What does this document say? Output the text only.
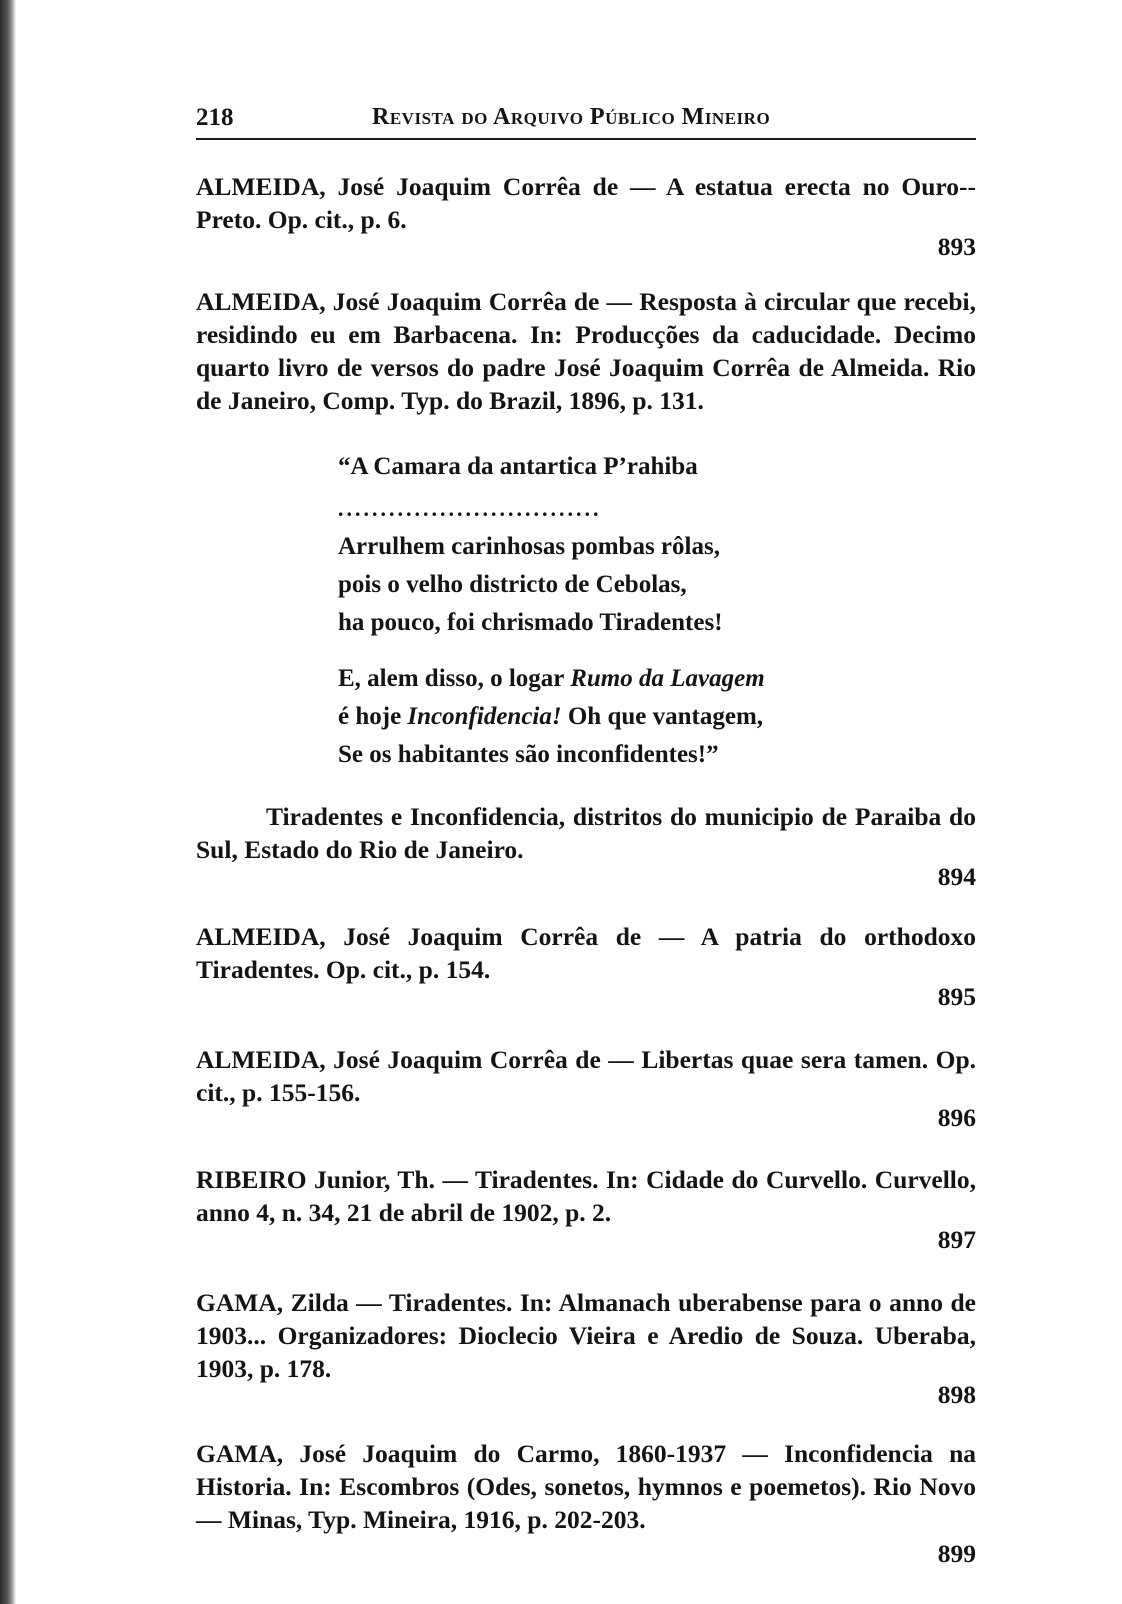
218	Revista do Arquivo Público Mineiro

ALMEIDA, José Joaquim Corrêa de — A estatua erecta no Ouro--Preto. Op. cit., p. 6.

893

ALMEIDA, José Joaquim Corrêa de — Resposta à circular que recebi, residindo eu em Barbacena. In: Producções da caducidade. Decimo quarto livro de versos do padre José Joaquim Corrêa de Almeida. Rio de Janeiro, Comp. Typ. do Brazil, 1896, p. 131.

“A Camara da antartica P’rahiba

...............................

Arrulhem carinhosas pombas rôlas,

pois o velho districto de Cebolas,

ha pouco, foi chrismado Tiradentes!

E, alem disso, o logar Rumo da Lavagem

é hoje Inconfidencia! Oh que vantagem,

Se os habitantes são inconfidentes!”

Tiradentes e Inconfidencia, distritos do municipio de Paraiba do Sul, Estado do Rio de Janeiro.

894

ALMEIDA, José Joaquim Corrêa de — A patria do orthodoxo Tiradentes. Op. cit., p. 154.

895

ALMEIDA, José Joaquim Corrêa de — Libertas quae sera tamen. Op. cit., p. 155-156.

896

RIBEIRO Junior, Th. — Tiradentes. In: Cidade do Curvello. Curvello, anno 4, n. 34, 21 de abril de 1902, p. 2.

897

GAMA, Zilda — Tiradentes. In: Almanach uberabense para o anno de 1903... Organizadores: Dioclecio Vieira e Aredio de Souza. Uberaba, 1903, p. 178.

898

GAMA, José Joaquim do Carmo, 1860-1937 — Inconfidencia na Historia. In: Escombros (Odes, sonetos, hymnos e poemetos). Rio Novo — Minas, Typ. Mineira, 1916, p. 202-203.

899
